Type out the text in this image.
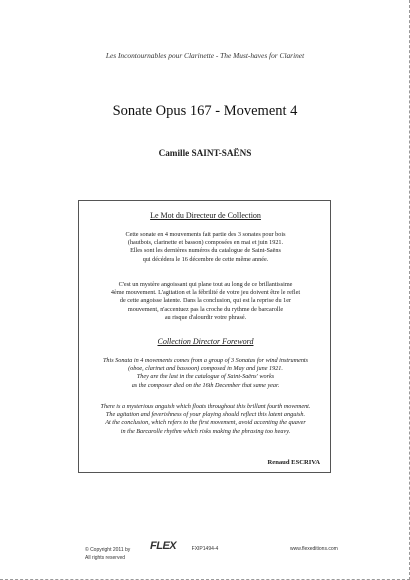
Les Incontournables pour Clarinette - The Must-haves for Clarinet
Sonate Opus 167 - Movement 4
Camille SAINT-SAËNS
Le Mot du Directeur de Collection
Cette sonate en 4 mouvements fait partie des 3 sonates pour bois
(hautbois, clarinette et basson) composées en mai et juin 1921.
Elles sont les dernières numéros du catalogue de Saint-Saëns
qui décédera le 16 décembre de cette même année.
C'est un mystère angoissant qui plane tout au long de ce brillantissime
4ème mouvement. L'agitation et la fébrilité de votre jeu doivent être le reflet
de cette angoisse latente. Dans la conclusion, qui est la reprise du 1er
mouvement, n'accentuez pas la croche du rythme de barcarolle
au risque d'alourdir votre phrasé.
Collection Director Foreword
This Sonata in 4 movements comes from a group of 3 Sonatas for wind instruments
(oboe, clarinet and bassoon) composed in May and june 1921.
They are the last in the catalogue of Saint-Saëns' works
as the composer died on the 16th December that same year.
There is a mysterious anguish which floats throughout this brillant fourth movement.
The agitation and feverishness of your playing should reflect this latent anguish.
At the conclusion, which refers to the first movement, avoid accenting the quaver
in the Barcarolle rhythm which risks making the phrasing too heavy.
Renaud ESCRIVA
© Copyright 2011 by
All rights reserved
FLEX	FXIP1494-4	www.flexeditions.com
